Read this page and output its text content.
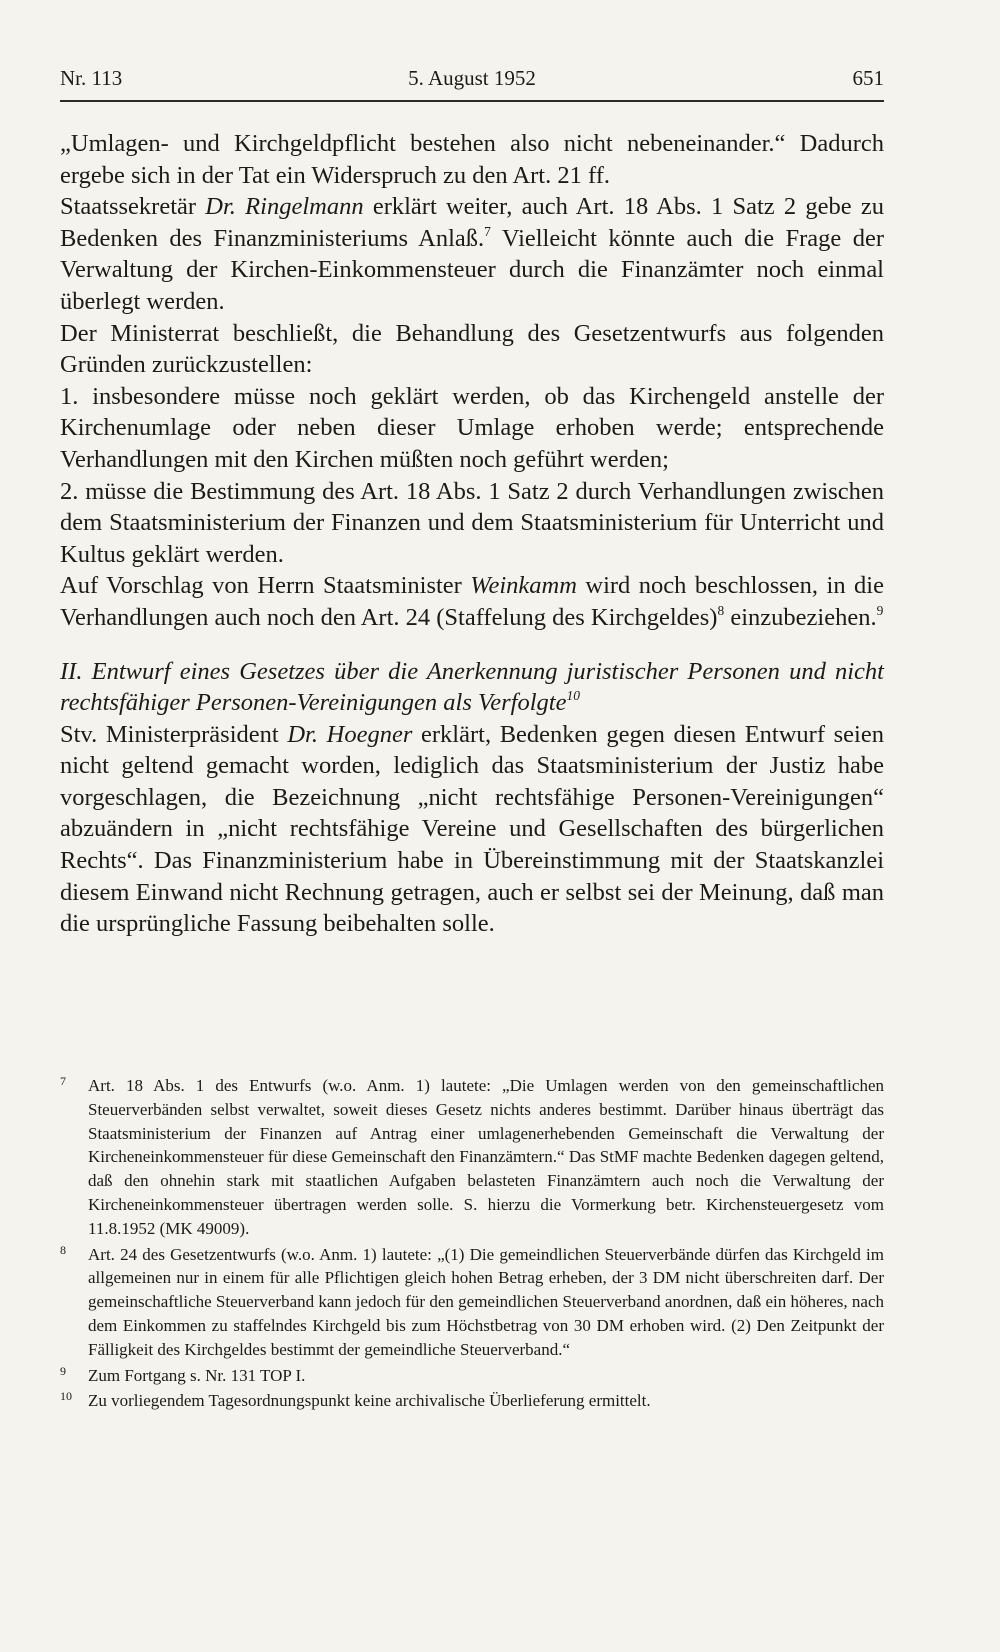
Nr. 113	5. August 1952	651

„Umlagen- und Kirchgeldpflicht bestehen also nicht nebeneinander.“ Dadurch ergebe sich in der Tat ein Widerspruch zu den Art. 21 ff.

Staatssekretär Dr. Ringelmann erklärt weiter, auch Art. 18 Abs. 1 Satz 2 gebe zu Bedenken des Finanzministeriums Anlaß.$^7$ Vielleicht könnte auch die Frage der Verwaltung der Kirchen-Einkommensteuer durch die Finanzämter noch einmal überlegt werden.

Der Ministerrat beschließt, die Behandlung des Gesetzentwurfs aus folgenden Gründen zurückzustellen:

1. insbesondere müsse noch geklärt werden, ob das Kirchengeld anstelle der Kirchenumlage oder neben dieser Umlage erhoben werde; entsprechende Verhandlungen mit den Kirchen müßten noch geführt werden;

2. müsse die Bestimmung des Art. 18 Abs. 1 Satz 2 durch Verhandlungen zwischen dem Staatsministerium der Finanzen und dem Staatsministerium für Unterricht und Kultus geklärt werden.

Auf Vorschlag von Herrn Staatsminister Weinkamm wird noch beschlossen, in die Verhandlungen auch noch den Art. 24 (Staffelung des Kirchgeldes)$^8$ einzubeziehen.$^9$

II. Entwurf eines Gesetzes über die Anerkennung juristischer Personen und nicht rechtsfähiger Personen-Vereinigungen als Verfolgte$^{10}$

Stv. Ministerpräsident Dr. Hoegner erklärt, Bedenken gegen diesen Entwurf seien nicht geltend gemacht worden, lediglich das Staatsministerium der Justiz habe vorgeschlagen, die Bezeichnung „nicht rechtsfähige Personen-Vereinigungen“ abzuändern in „nicht rechtsfähige Vereine und Gesellschaften des bürgerlichen Rechts“. Das Finanzministerium habe in Übereinstimmung mit der Staatskanzlei diesem Einwand nicht Rechnung getragen, auch er selbst sei der Meinung, daß man die ursprüngliche Fassung beibehalten solle.

7 Art. 18 Abs. 1 des Entwurfs (w.o. Anm. 1) lautete: „Die Umlagen werden von den gemeinschaftlichen Steuerverbänden selbst verwaltet, soweit dieses Gesetz nichts anderes bestimmt. Darüber hinaus überträgt das Staatsministerium der Finanzen auf Antrag einer umlagenerhebenden Gemeinschaft die Verwaltung der Kircheneinkommensteuer für diese Gemeinschaft den Finanzämtern.“ Das StMF machte Bedenken dagegen geltend, daß den ohnehin stark mit staatlichen Aufgaben belasteten Finanzämtern auch noch die Verwaltung der Kircheneinkommensteuer übertragen werden solle. S. hierzu die Vormerkung betr. Kirchensteuergesetz vom 11.8.1952 (MK 49009).

8 Art. 24 des Gesetzentwurfs (w.o. Anm. 1) lautete: „(1) Die gemeindlichen Steuerverbände dürfen das Kirchgeld im allgemeinen nur in einem für alle Pflichtigen gleich hohen Betrag erheben, der 3 DM nicht überschreiten darf. Der gemeinschaftliche Steuerverband kann jedoch für den gemeindlichen Steuerverband anordnen, daß ein höheres, nach dem Einkommen zu staffelndes Kirchgeld bis zum Höchstbetrag von 30 DM erhoben wird. (2) Den Zeitpunkt der Fälligkeit des Kirchgeldes bestimmt der gemeindliche Steuerverband.“

9 Zum Fortgang s. Nr. 131 TOP I.

10 Zu vorliegendem Tagesordnungspunkt keine archivalische Überlieferung ermittelt.
